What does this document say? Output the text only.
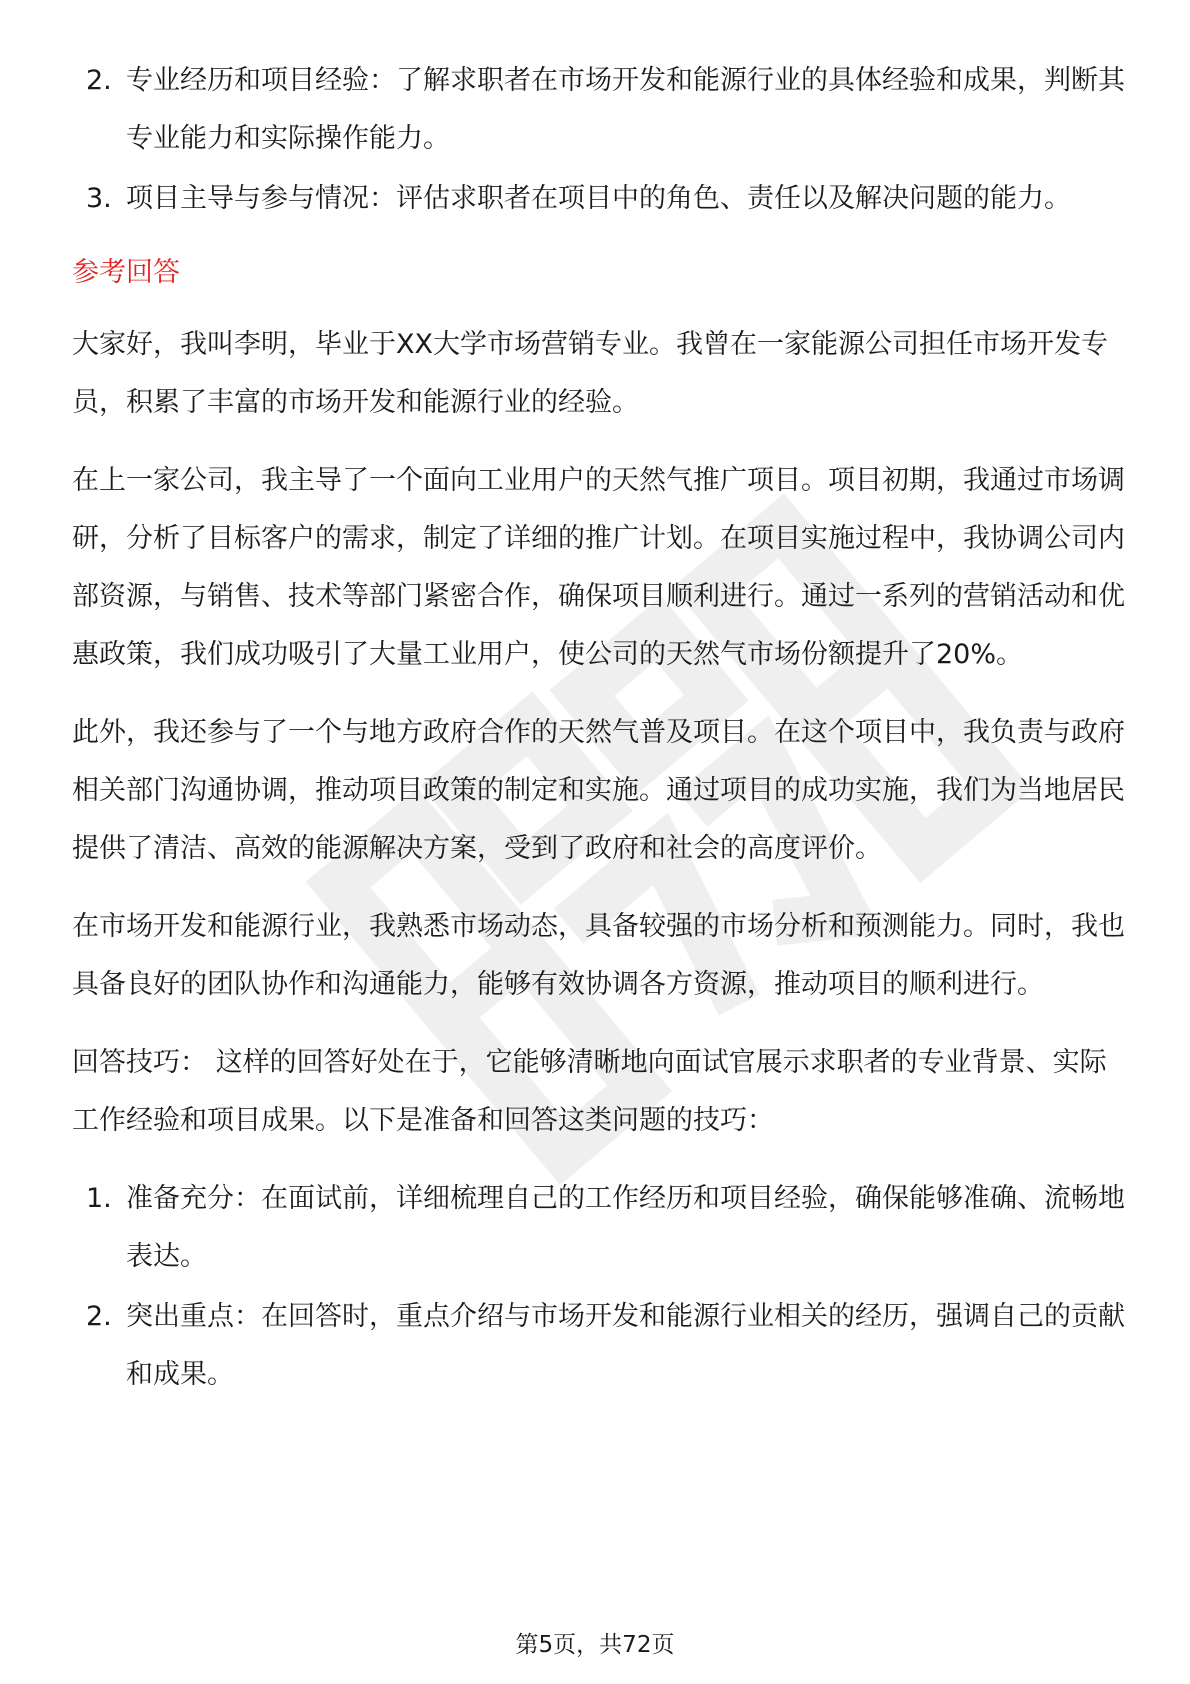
2. 专业经历和项目经验：了解求职者在市场开发和能源行业的具体经验和成果，判断其专业能力和实际操作能力。
3. 项目主导与参与情况：评估求职者在项目中的角色、责任以及解决问题的能力。
参考回答
大家好，我叫李明，毕业于XX大学市场营销专业。我曾在一家能源公司担任市场开发专员，积累了丰富的市场开发和能源行业的经验。
在上一家公司，我主导了一个面向工业用户的天然气推广项目。项目初期，我通过市场调研，分析了目标客户的需求，制定了详细的推广计划。在项目实施过程中，我协调公司内部资源，与销售、技术等部门紧密合作，确保项目顺利进行。通过一系列的营销活动和优惠政策，我们成功吸引了大量工业用户，使公司的天然气市场份额提升了20%。
此外，我还参与了一个与地方政府合作的天然气普及项目。在这个项目中，我负责与政府相关部门沟通协调，推动项目政策的制定和实施。通过项目的成功实施，我们为当地居民提供了清洁、高效的能源解决方案，受到了政府和社会的高度评价。
在市场开发和能源行业，我熟悉市场动态，具备较强的市场分析和预测能力。同时，我也具备良好的团队协作和沟通能力，能够有效协调各方资源，推动项目的顺利进行。
回答技巧： 这样的回答好处在于，它能够清晰地向面试官展示求职者的专业背景、实际工作经验和项目成果。以下是准备和回答这类问题的技巧：
1. 准备充分：在面试前，详细梳理自己的工作经历和项目经验，确保能够准确、流畅地表达。
2. 突出重点：在回答时，重点介绍与市场开发和能源行业相关的经历，强调自己的贡献和成果。
第5页，共72页
